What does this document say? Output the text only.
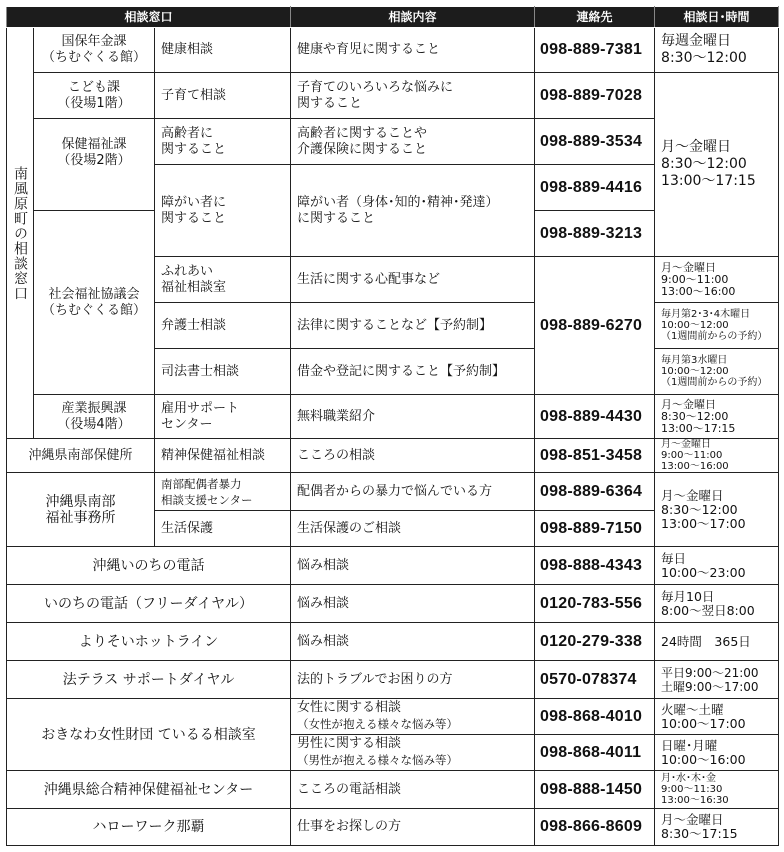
相談窓口			相談内容	連絡先	相談日･時間
南風原町の相談窓口	国保年金課
（ちむぐくる館）	健康相談	健康や育児に関すること	098-889-7381	毎週金曜日
8:30～12:00
	こども課
（役場1階）	子育て相談	子育てのいろいろな悩みに
関すること	098-889-7028	月～金曜日
8:30～12:00
13:00～17:15
	保健福祉課
（役場2階）	高齢者に
関すること	高齢者に関することや
介護保険に関すること	098-889-3534	
		障がい者に
関すること	障がい者（身体･知的･精神･発達）
に関すること	098-889-4416	
	社会福祉協議会
（ちむぐくる館）			098-889-3213	
		ふれあい
福祉相談室	生活に関する心配事など	098-889-6270	月～金曜日
9:00～11:00
13:00～16:00
		弁護士相談	法律に関することなど【予約制】		毎月第2･3･4木曜日
10:00～12:00
（1週間前からの予約）
		司法書士相談	借金や登記に関すること【予約制】		毎月第3水曜日
10:00～12:00
（1週間前からの予約）
	産業振興課
（役場4階）	雇用サポート
センター	無料職業紹介	098-889-4430	月～金曜日
8:30～12:00
13:00～17:15
沖縄県南部保健所		精神保健福祉相談	こころの相談	098-851-3458	月～金曜日
9:00～11:00
13:00～16:00
沖縄県南部
福祉事務所		南部配偶者暴力
相談支援センター	配偶者からの暴力で悩んでいる方	098-889-6364	月～金曜日
8:30～12:00
13:00～17:00
		生活保護	生活保護のご相談	098-889-7150	
沖縄いのちの電話			悩み相談	098-888-4343	毎日
10:00～23:00
いのちの電話（フリーダイヤル）			悩み相談	0120-783-556	毎月10日
8:00～翌日8:00
よりそいホットライン			悩み相談	0120-279-338	24時間　365日
法テラス サポートダイヤル			法的トラブルでお困りの方	0570-078374	平日9:00～21:00
土曜9:00～17:00
おきなわ女性財団 ているる相談室			女性に関する相談
（女性が抱える様々な悩み等）	098-868-4010	火曜～土曜
10:00～17:00
			男性に関する相談
（男性が抱える様々な悩み等）	098-868-4011	日曜･月曜
10:00～16:00
沖縄県総合精神保健福祉センター			こころの電話相談	098-888-1450	月･水･木･金
9:00～11:30
13:00～16:30
ハローワーク那覇			仕事をお探しの方	098-866-8609	月～金曜日
8:30～17:15
